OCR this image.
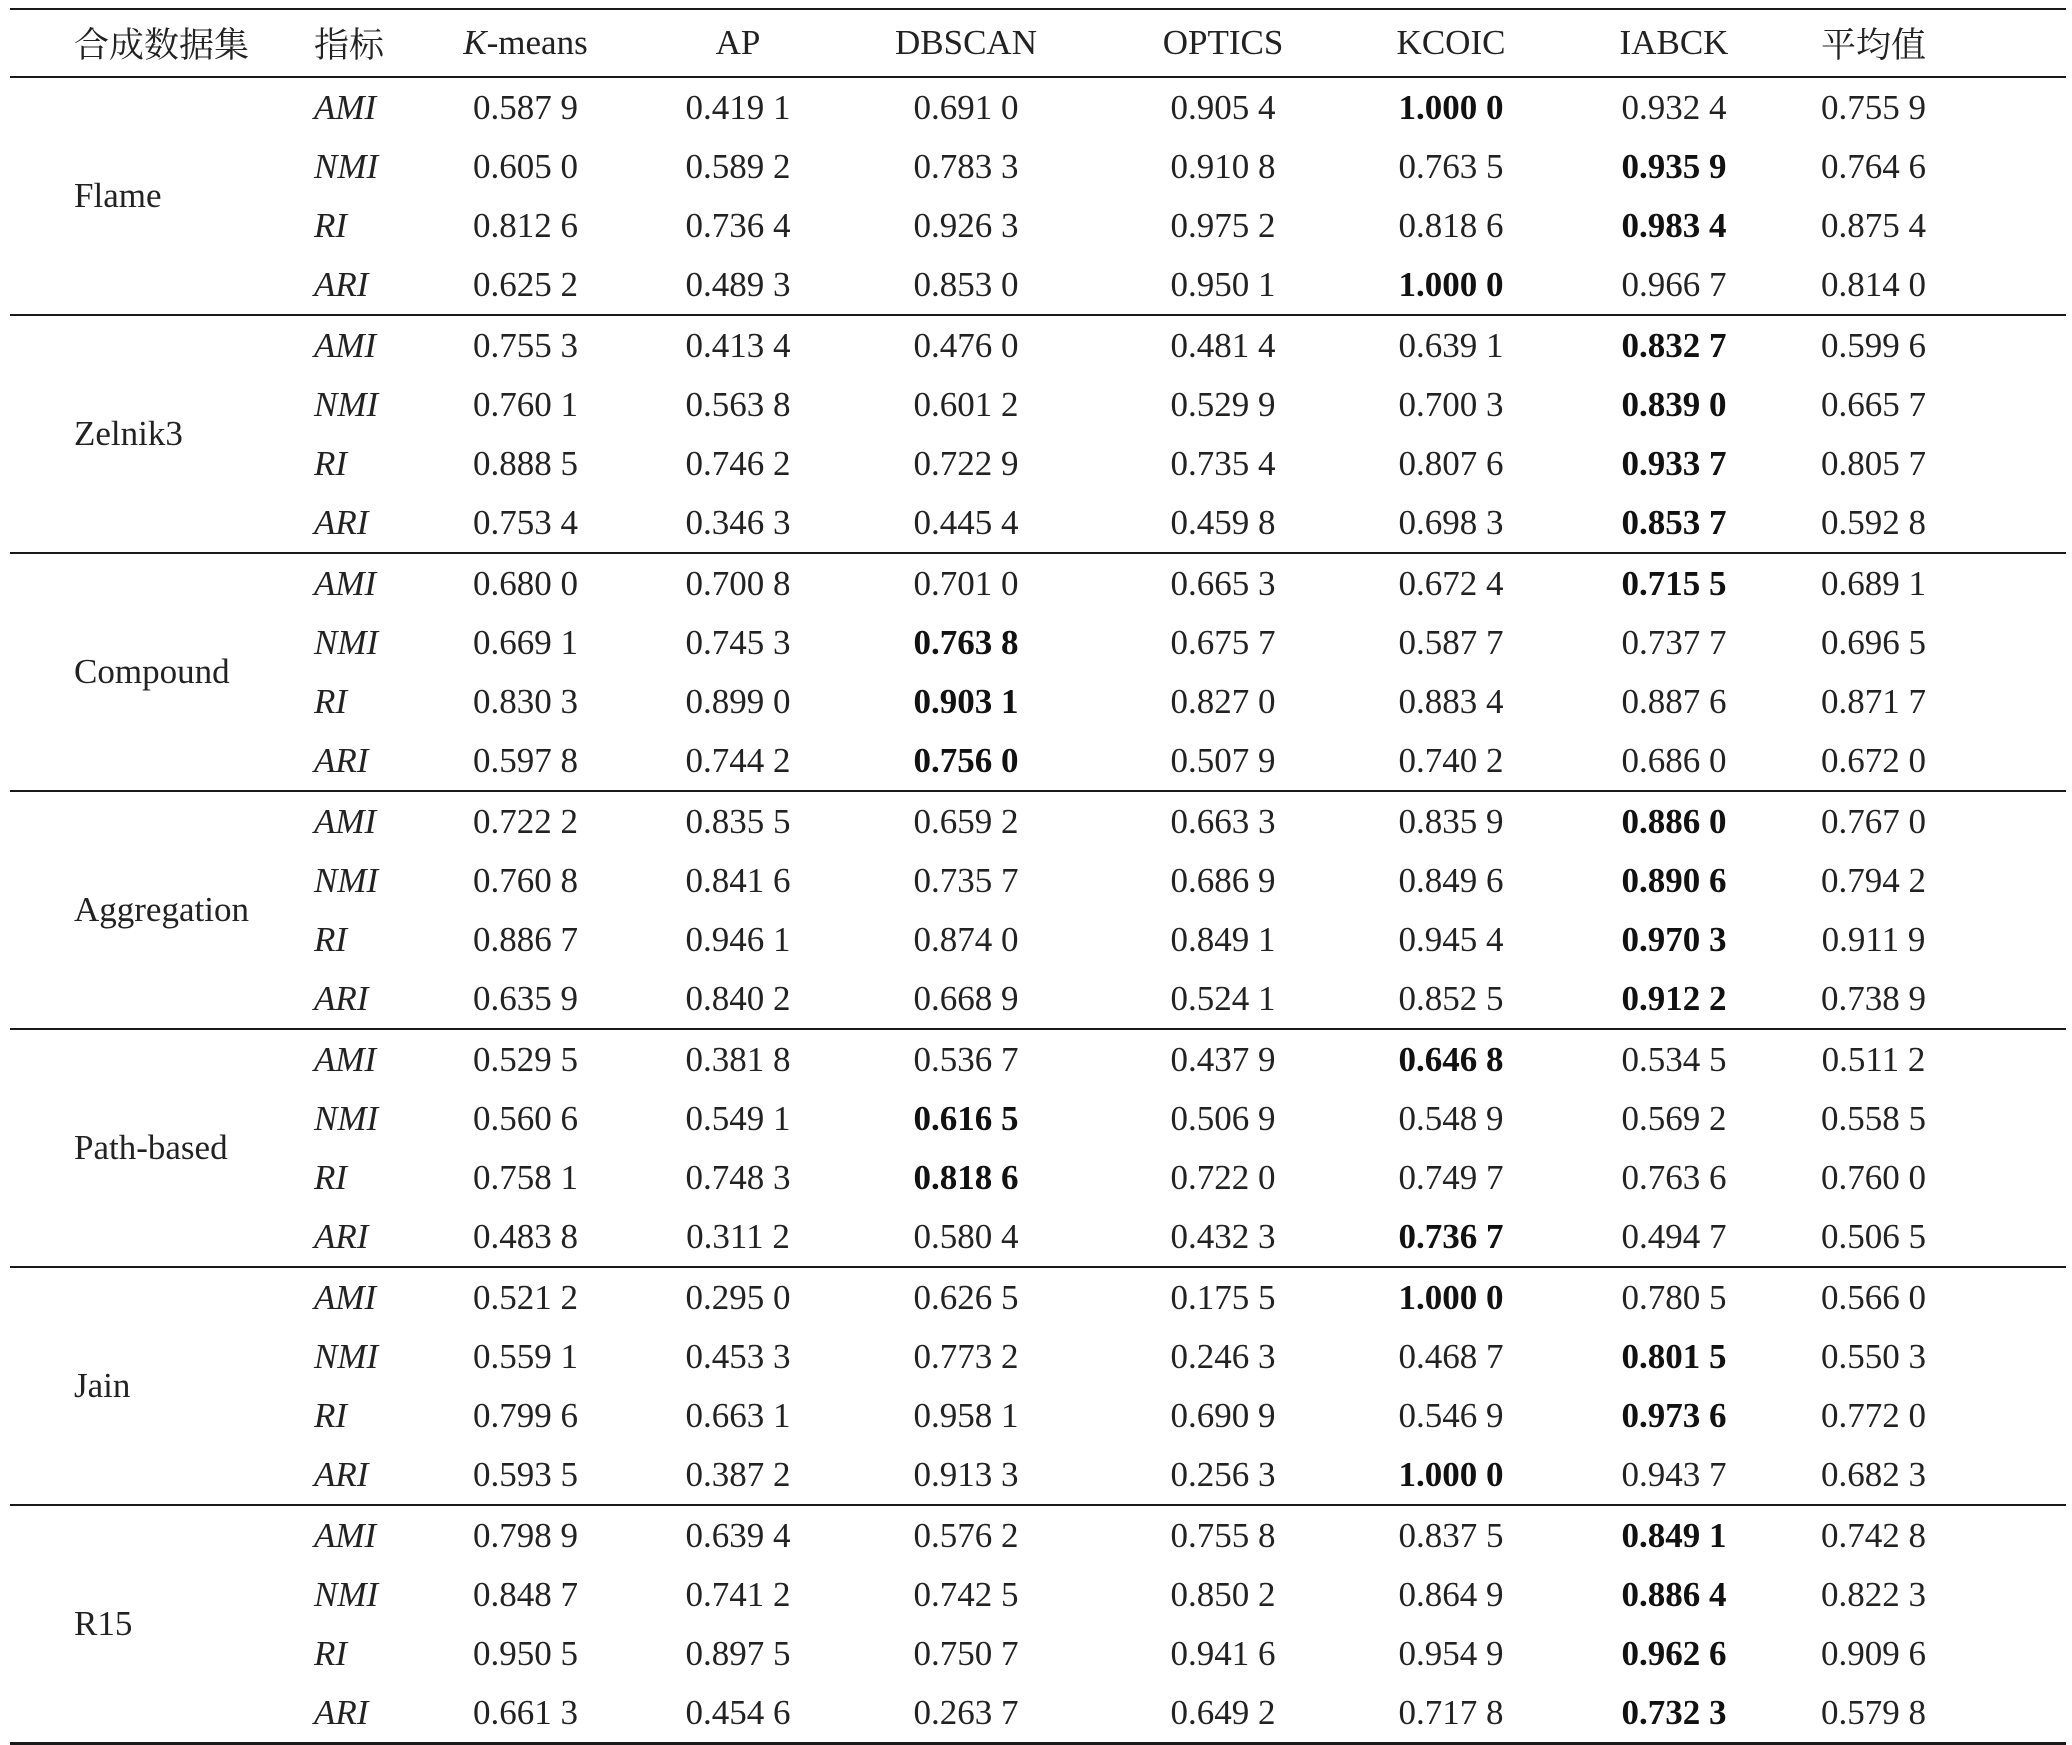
合成数据集	指标	K-means	AP	DBSCAN	OPTICS	KCOIC	IABCK	平均值
Flame
AMI	0.587 9	0.419 1	0.691 0	0.905 4	1.000 0	0.932 4	0.755 9
NMI	0.605 0	0.589 2	0.783 3	0.910 8	0.763 5	0.935 9	0.764 6
RI	0.812 6	0.736 4	0.926 3	0.975 2	0.818 6	0.983 4	0.875 4
ARI	0.625 2	0.489 3	0.853 0	0.950 1	1.000 0	0.966 7	0.814 0
Zelnik3
AMI	0.755 3	0.413 4	0.476 0	0.481 4	0.639 1	0.832 7	0.599 6
NMI	0.760 1	0.563 8	0.601 2	0.529 9	0.700 3	0.839 0	0.665 7
RI	0.888 5	0.746 2	0.722 9	0.735 4	0.807 6	0.933 7	0.805 7
ARI	0.753 4	0.346 3	0.445 4	0.459 8	0.698 3	0.853 7	0.592 8
Compound
AMI	0.680 0	0.700 8	0.701 0	0.665 3	0.672 4	0.715 5	0.689 1
NMI	0.669 1	0.745 3	0.763 8	0.675 7	0.587 7	0.737 7	0.696 5
RI	0.830 3	0.899 0	0.903 1	0.827 0	0.883 4	0.887 6	0.871 7
ARI	0.597 8	0.744 2	0.756 0	0.507 9	0.740 2	0.686 0	0.672 0
Aggregation
AMI	0.722 2	0.835 5	0.659 2	0.663 3	0.835 9	0.886 0	0.767 0
NMI	0.760 8	0.841 6	0.735 7	0.686 9	0.849 6	0.890 6	0.794 2
RI	0.886 7	0.946 1	0.874 0	0.849 1	0.945 4	0.970 3	0.911 9
ARI	0.635 9	0.840 2	0.668 9	0.524 1	0.852 5	0.912 2	0.738 9
Path-based
AMI	0.529 5	0.381 8	0.536 7	0.437 9	0.646 8	0.534 5	0.511 2
NMI	0.560 6	0.549 1	0.616 5	0.506 9	0.548 9	0.569 2	0.558 5
RI	0.758 1	0.748 3	0.818 6	0.722 0	0.749 7	0.763 6	0.760 0
ARI	0.483 8	0.311 2	0.580 4	0.432 3	0.736 7	0.494 7	0.506 5
Jain
AMI	0.521 2	0.295 0	0.626 5	0.175 5	1.000 0	0.780 5	0.566 0
NMI	0.559 1	0.453 3	0.773 2	0.246 3	0.468 7	0.801 5	0.550 3
RI	0.799 6	0.663 1	0.958 1	0.690 9	0.546 9	0.973 6	0.772 0
ARI	0.593 5	0.387 2	0.913 3	0.256 3	1.000 0	0.943 7	0.682 3
R15
AMI	0.798 9	0.639 4	0.576 2	0.755 8	0.837 5	0.849 1	0.742 8
NMI	0.848 7	0.741 2	0.742 5	0.850 2	0.864 9	0.886 4	0.822 3
RI	0.950 5	0.897 5	0.750 7	0.941 6	0.954 9	0.962 6	0.909 6
ARI	0.661 3	0.454 6	0.263 7	0.649 2	0.717 8	0.732 3	0.579 8
